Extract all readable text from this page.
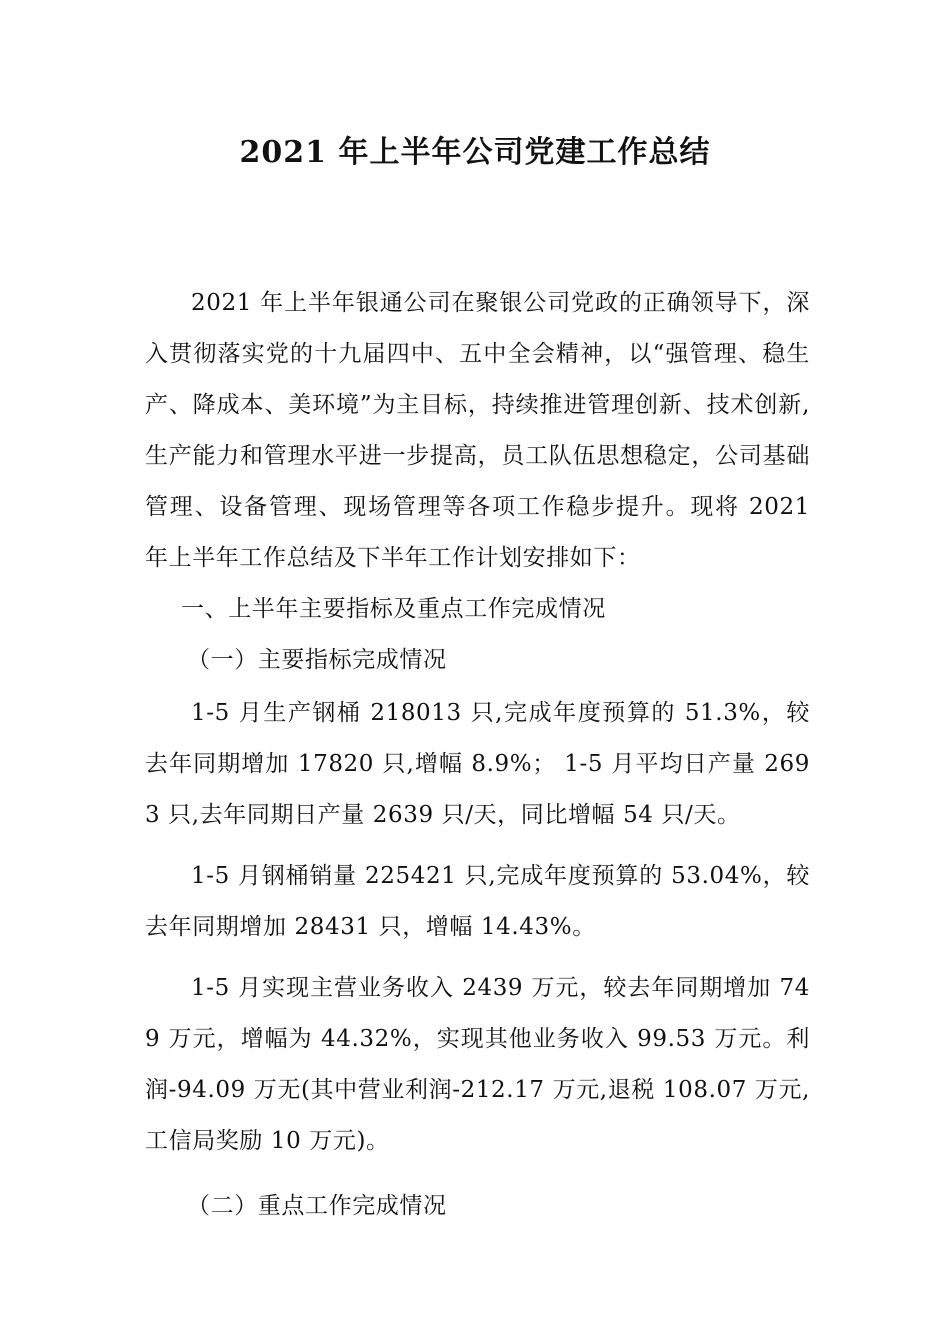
2021 年上半年公司党建工作总结

2021 年上半年银通公司在聚银公司党政的正确领导下，深入贯彻落实党的十九届四中、五中全会精神，以“强管理、稳生产、降成本、美环境”为主目标，持续推进管理创新、技术创新,生产能力和管理水平进一步提高，员工队伍思想稳定，公司基础管理、设备管理、现场管理等各项工作稳步提升。现将 2021 年上半年工作总结及下半年工作计划安排如下：

一、上半年主要指标及重点工作完成情况

（一）主要指标完成情况

1-5 月生产钢桶 218013 只,完成年度预算的 51.3%，较去年同期增加 17820 只,增幅 8.9%； 1-5 月平均日产量 2693 只,去年同期日产量 2639 只/天，同比增幅 54 只/天。

1-5 月钢桶销量 225421 只,完成年度预算的 53.04%，较去年同期增加 28431 只，增幅 14.43%。

1-5 月实现主营业务收入 2439 万元，较去年同期增加 749 万元，增幅为 44.32%，实现其他业务收入 99.53 万元。利润-94.09 万无(其中营业利润-212.17 万元,退税 108.07 万元,工信局奖励 10 万元)。

（二）重点工作完成情况
